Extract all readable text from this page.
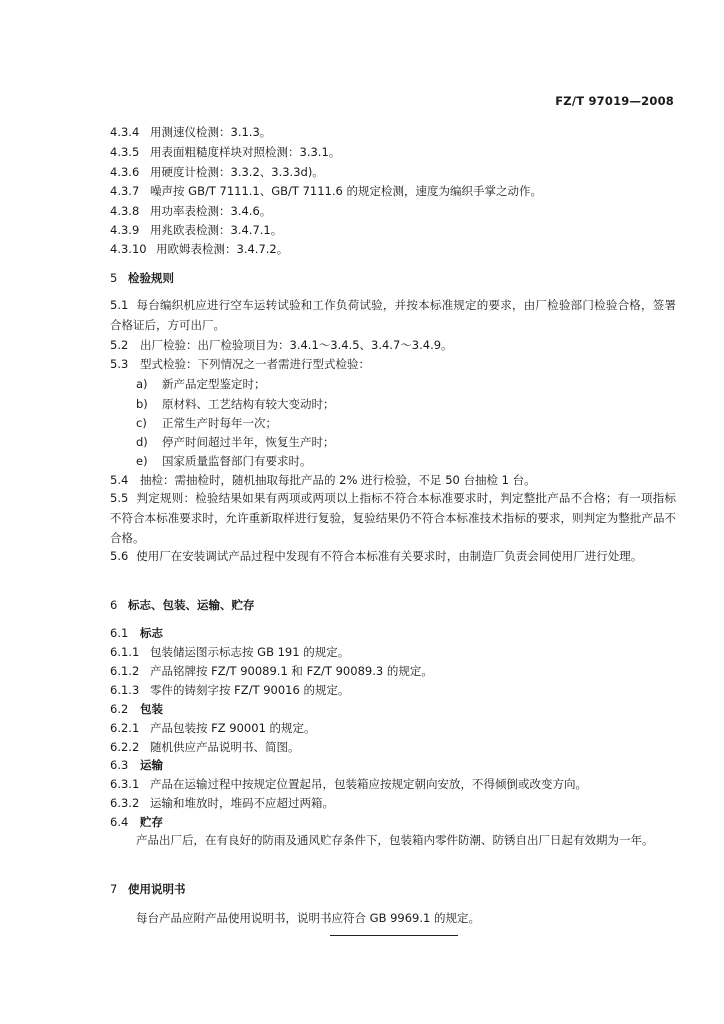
FZ/T 97019—2008
4.3.4 用测速仪检测：3.1.3。
4.3.5 用表面粗糙度样块对照检测：3.3.1。
4.3.6 用硬度计检测：3.3.2、3.3.3d)。
4.3.7 噪声按 GB/T 7111.1、GB/T 7111.6 的规定检测，速度为编织手掌之动作。
4.3.8 用功率表检测：3.4.6。
4.3.9 用兆欧表检测：3.4.7.1。
4.3.10 用欧姆表检测：3.4.7.2。
5 检验规则
5.1 每台编织机应进行空车运转试验和工作负荷试验，并按本标准规定的要求，由厂检验部门检验合格，签署合格证后，方可出厂。
5.2 出厂检验：出厂检验项目为：3.4.1～3.4.5、3.4.7～3.4.9。
5.3 型式检验：下列情况之一者需进行型式检验：
a) 新产品定型鉴定时；
b) 原材料、工艺结构有较大变动时；
c) 正常生产时每年一次；
d) 停产时间超过半年，恢复生产时；
e) 国家质量监督部门有要求时。
5.4 抽检：需抽检时，随机抽取每批产品的 2% 进行检验，不足 50 台抽检 1 台。
5.5 判定规则：检验结果如果有两项或两项以上指标不符合本标准要求时，判定整批产品不合格；有一项指标不符合本标准要求时，允许重新取样进行复验，复验结果仍不符合本标准技术指标的要求，则判定为整批产品不合格。
5.6 使用厂在安装调试产品过程中发现有不符合本标准有关要求时，由制造厂负责会同使用厂进行处理。
6 标志、包装、运输、贮存
6.1 标志
6.1.1 包装储运图示标志按 GB 191 的规定。
6.1.2 产品铭牌按 FZ/T 90089.1 和 FZ/T 90089.3 的规定。
6.1.3 零件的铸刻字按 FZ/T 90016 的规定。
6.2 包装
6.2.1 产品包装按 FZ 90001 的规定。
6.2.2 随机供应产品说明书、简图。
6.3 运输
6.3.1 产品在运输过程中按规定位置起吊，包装箱应按规定朝向安放，不得倾倒或改变方向。
6.3.2 运输和堆放时，堆码不应超过两箱。
6.4 贮存
产品出厂后，在有良好的防雨及通风贮存条件下，包装箱内零件防潮、防锈自出厂日起有效期为一年。
7 使用说明书
每台产品应附产品使用说明书，说明书应符合 GB 9969.1 的规定。
